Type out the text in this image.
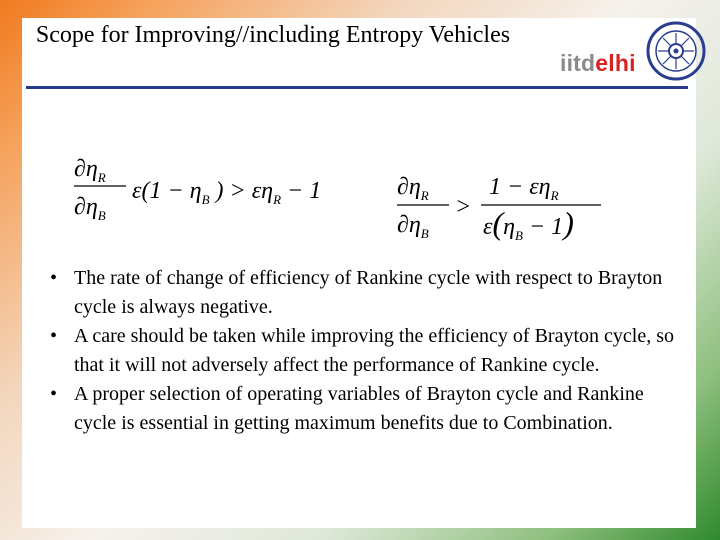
Scope for Improving//including Entropy Vehicles
iitdelhi
$\partial\eta_R$
$\partial\eta_B$
$\varepsilon(1 - \eta_B$ ) > $\varepsilon\eta_R - 1$	$\partial\eta_R$
$\partial\eta_B$
>
$1 - \varepsilon\eta_R$
$\varepsilon(\eta_B - 1)$
• The rate of change of efficiency of Rankine cycle with respect to Brayton cycle is always negative.
• A care should be taken while improving the efficiency of Brayton cycle, so that it will not adversely affect the performance of Rankine cycle.
• A proper selection of operating variables of Brayton cycle and Rankine cycle is essential in getting maximum benefits due to Combination.
